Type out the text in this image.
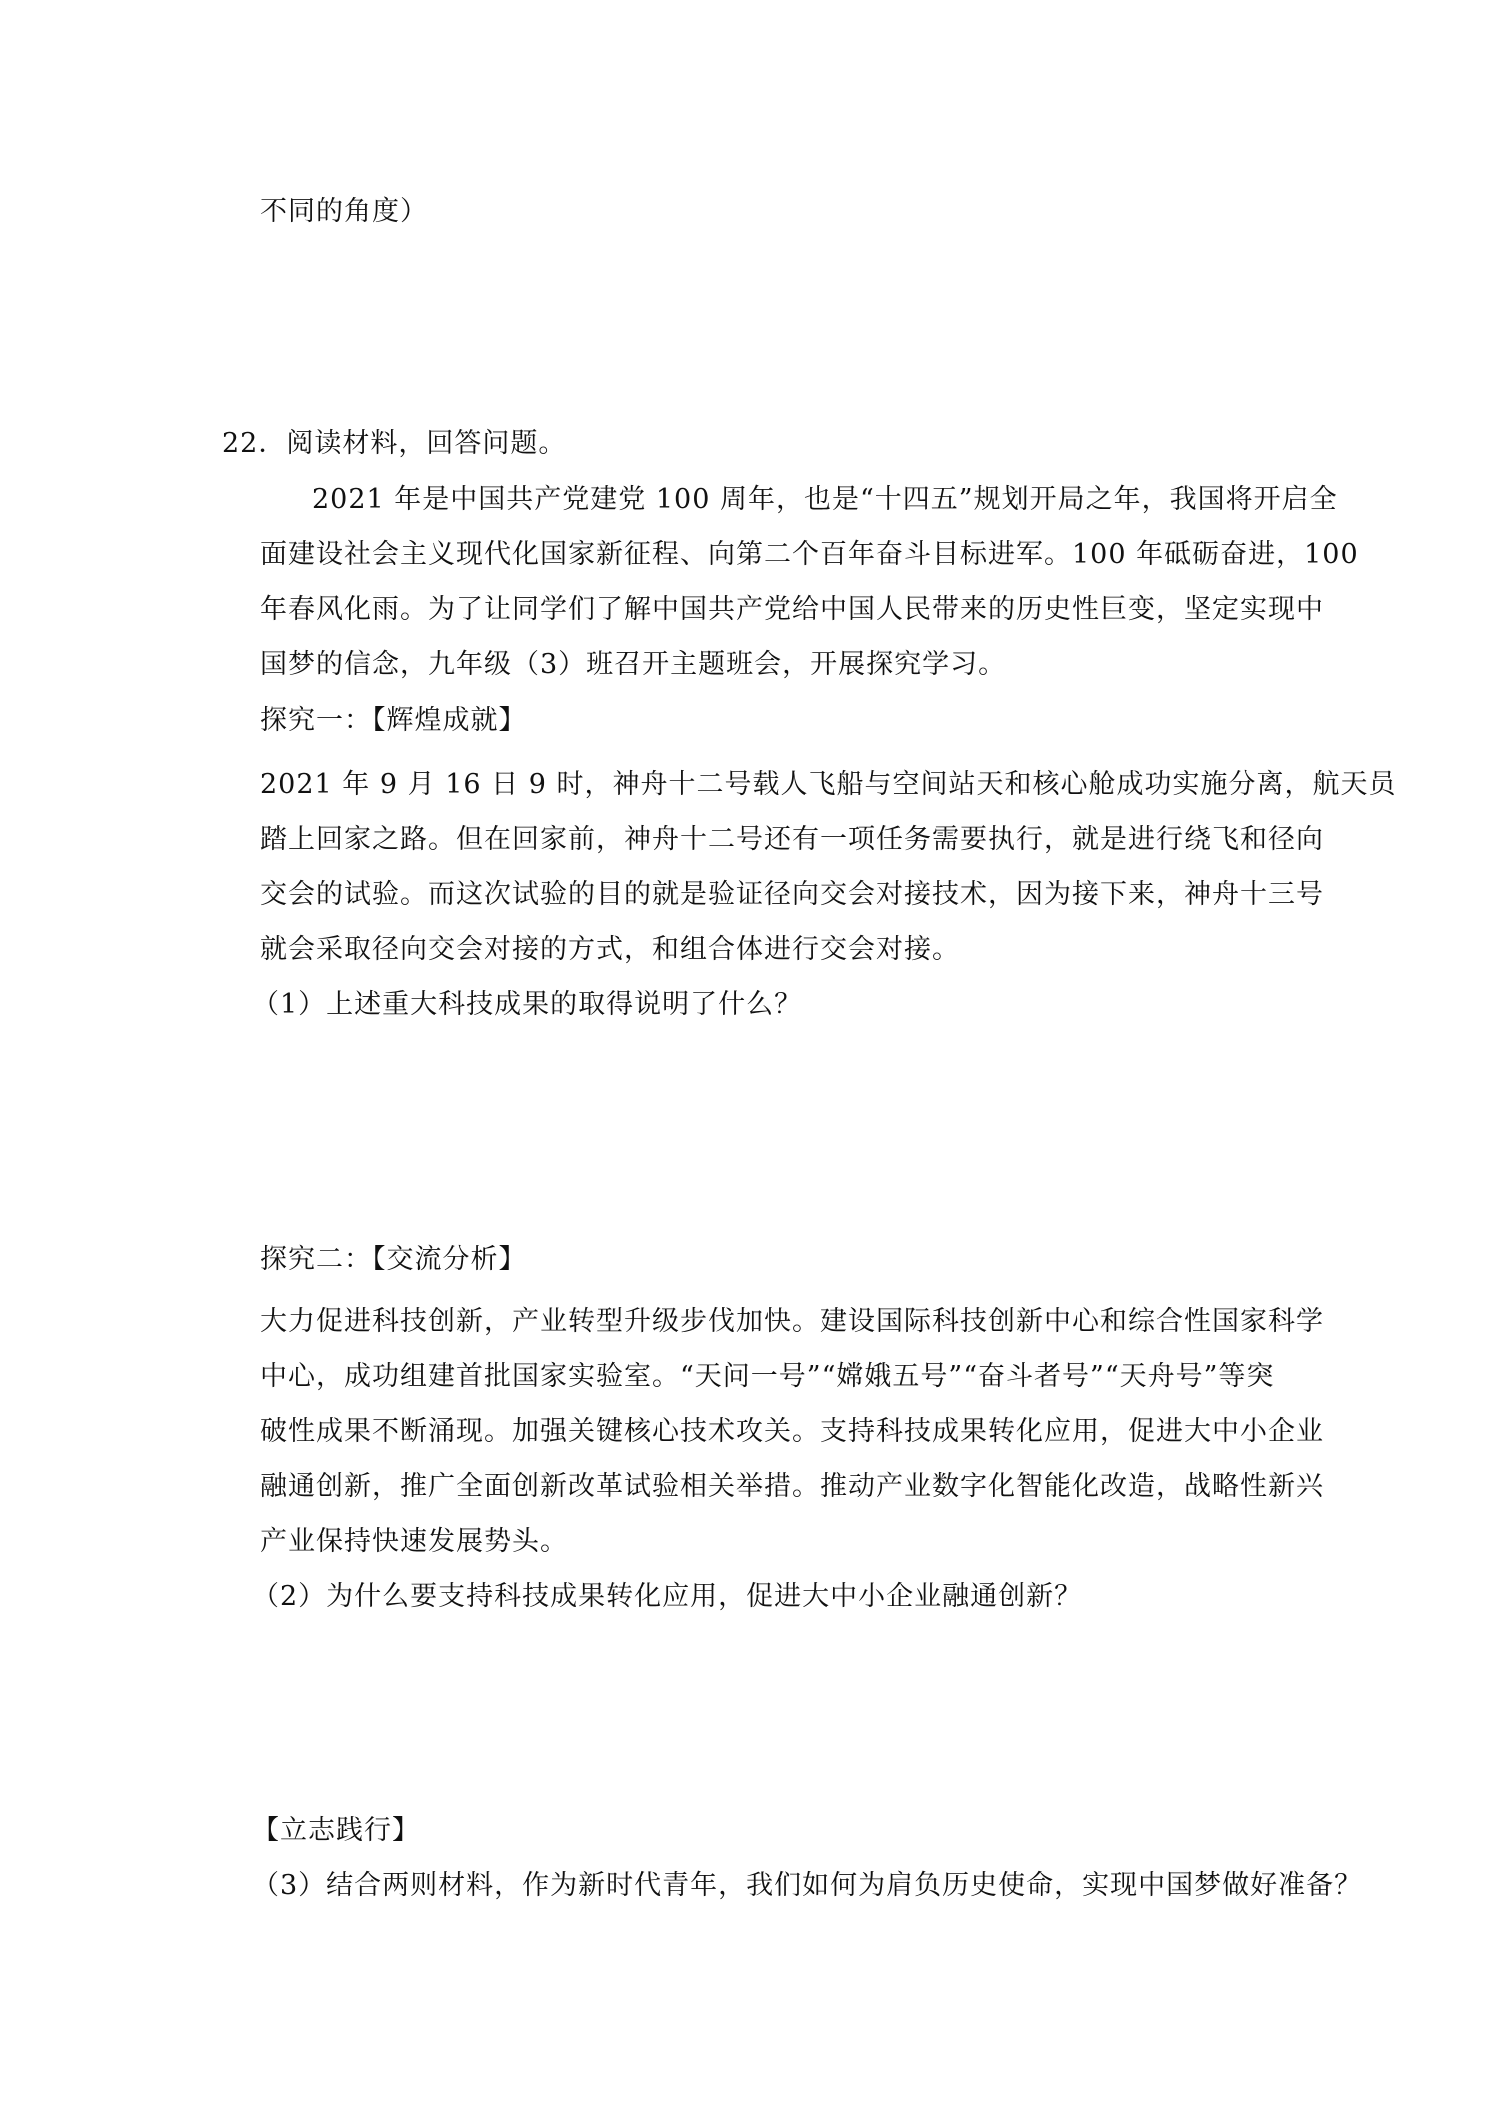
不同的角度）
22．阅读材料，回答问题。
2021 年是中国共产党建党 100 周年，也是“十四五”规划开局之年，我国将开启全
面建设社会主义现代化国家新征程、向第二个百年奋斗目标进军。100 年砥砺奋进，100
年春风化雨。为了让同学们了解中国共产党给中国人民带来的历史性巨变，坚定实现中
国梦的信念，九年级（3）班召开主题班会，开展探究学习。
探究一：【辉煌成就】
2021 年 9 月 16 日 9 时，神舟十二号载人飞船与空间站天和核心舱成功实施分离，航天员
踏上回家之路。但在回家前，神舟十二号还有一项任务需要执行，就是进行绕飞和径向
交会的试验。而这次试验的目的就是验证径向交会对接技术，因为接下来，神舟十三号
就会采取径向交会对接的方式，和组合体进行交会对接。
（1）上述重大科技成果的取得说明了什么？
探究二：【交流分析】
大力促进科技创新，产业转型升级步伐加快。建设国际科技创新中心和综合性国家科学
中心，成功组建首批国家实验室。“天问一号”“嫦娥五号”“奋斗者号”“天舟号”等突
破性成果不断涌现。加强关键核心技术攻关。支持科技成果转化应用，促进大中小企业
融通创新，推广全面创新改革试验相关举措。推动产业数字化智能化改造，战略性新兴
产业保持快速发展势头。
（2）为什么要支持科技成果转化应用，促进大中小企业融通创新？
【立志践行】
（3）结合两则材料，作为新时代青年，我们如何为肩负历史使命，实现中国梦做好准备？
